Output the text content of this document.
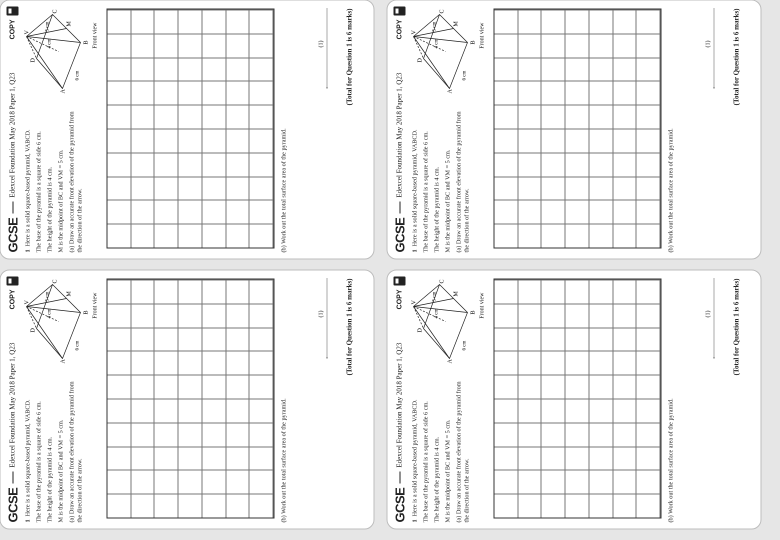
GCSE
Edexcel Foundation May 2018 Paper 1, Q23
COPY

1Here is a solid square-based pyramid, VABCD. The base of the pyramid is a square of side 6 cm. The height of the pyramid is 4 cm. M is the midpoint of BC and VM = 5 cm. (a) Draw an accurate front elevation of the pyramid from the direction of the arrow.

V
A
B
C
D
M
5 cm
4 cm
6 cm
Front view
(b) Work out the total surface area of the pyramid.
(1)	(Total for Question 1 is 6 marks)
GCSE
Edexcel Foundation May 2018 Paper 1, Q23
COPY

1Here is a solid square-based pyramid, VABCD. The base of the pyramid is a square of side 6 cm. The height of the pyramid is 4 cm. M is the midpoint of BC and VM = 5 cm. (a) Draw an accurate front elevation of the pyramid from the direction of the arrow.

V
A
B
C
D
M
5 cm
4 cm
6 cm
Front view
(b) Work out the total surface area of the pyramid.
(1)	(Total for Question 1 is 6 marks)
GCSE
Edexcel Foundation May 2018 Paper 1, Q23
COPY

1Here is a solid square-based pyramid, VABCD. The base of the pyramid is a square of side 6 cm. The height of the pyramid is 4 cm. M is the midpoint of BC and VM = 5 cm. (a) Draw an accurate front elevation of the pyramid from the direction of the arrow.

V
A
B
C
D
M
5 cm
4 cm
6 cm
Front view
(b) Work out the total surface area of the pyramid.
(1)	(Total for Question 1 is 6 marks)
GCSE
Edexcel Foundation May 2018 Paper 1, Q23
COPY

1Here is a solid square-based pyramid, VABCD. The base of the pyramid is a square of side 6 cm. The height of the pyramid is 4 cm. M is the midpoint of BC and VM = 5 cm. (a) Draw an accurate front elevation of the pyramid from the direction of the arrow.

V
A
B
C
D
M
5 cm
4 cm
6 cm
Front view
(b) Work out the total surface area of the pyramid.
(1)	(Total for Question 1 is 6 marks)
